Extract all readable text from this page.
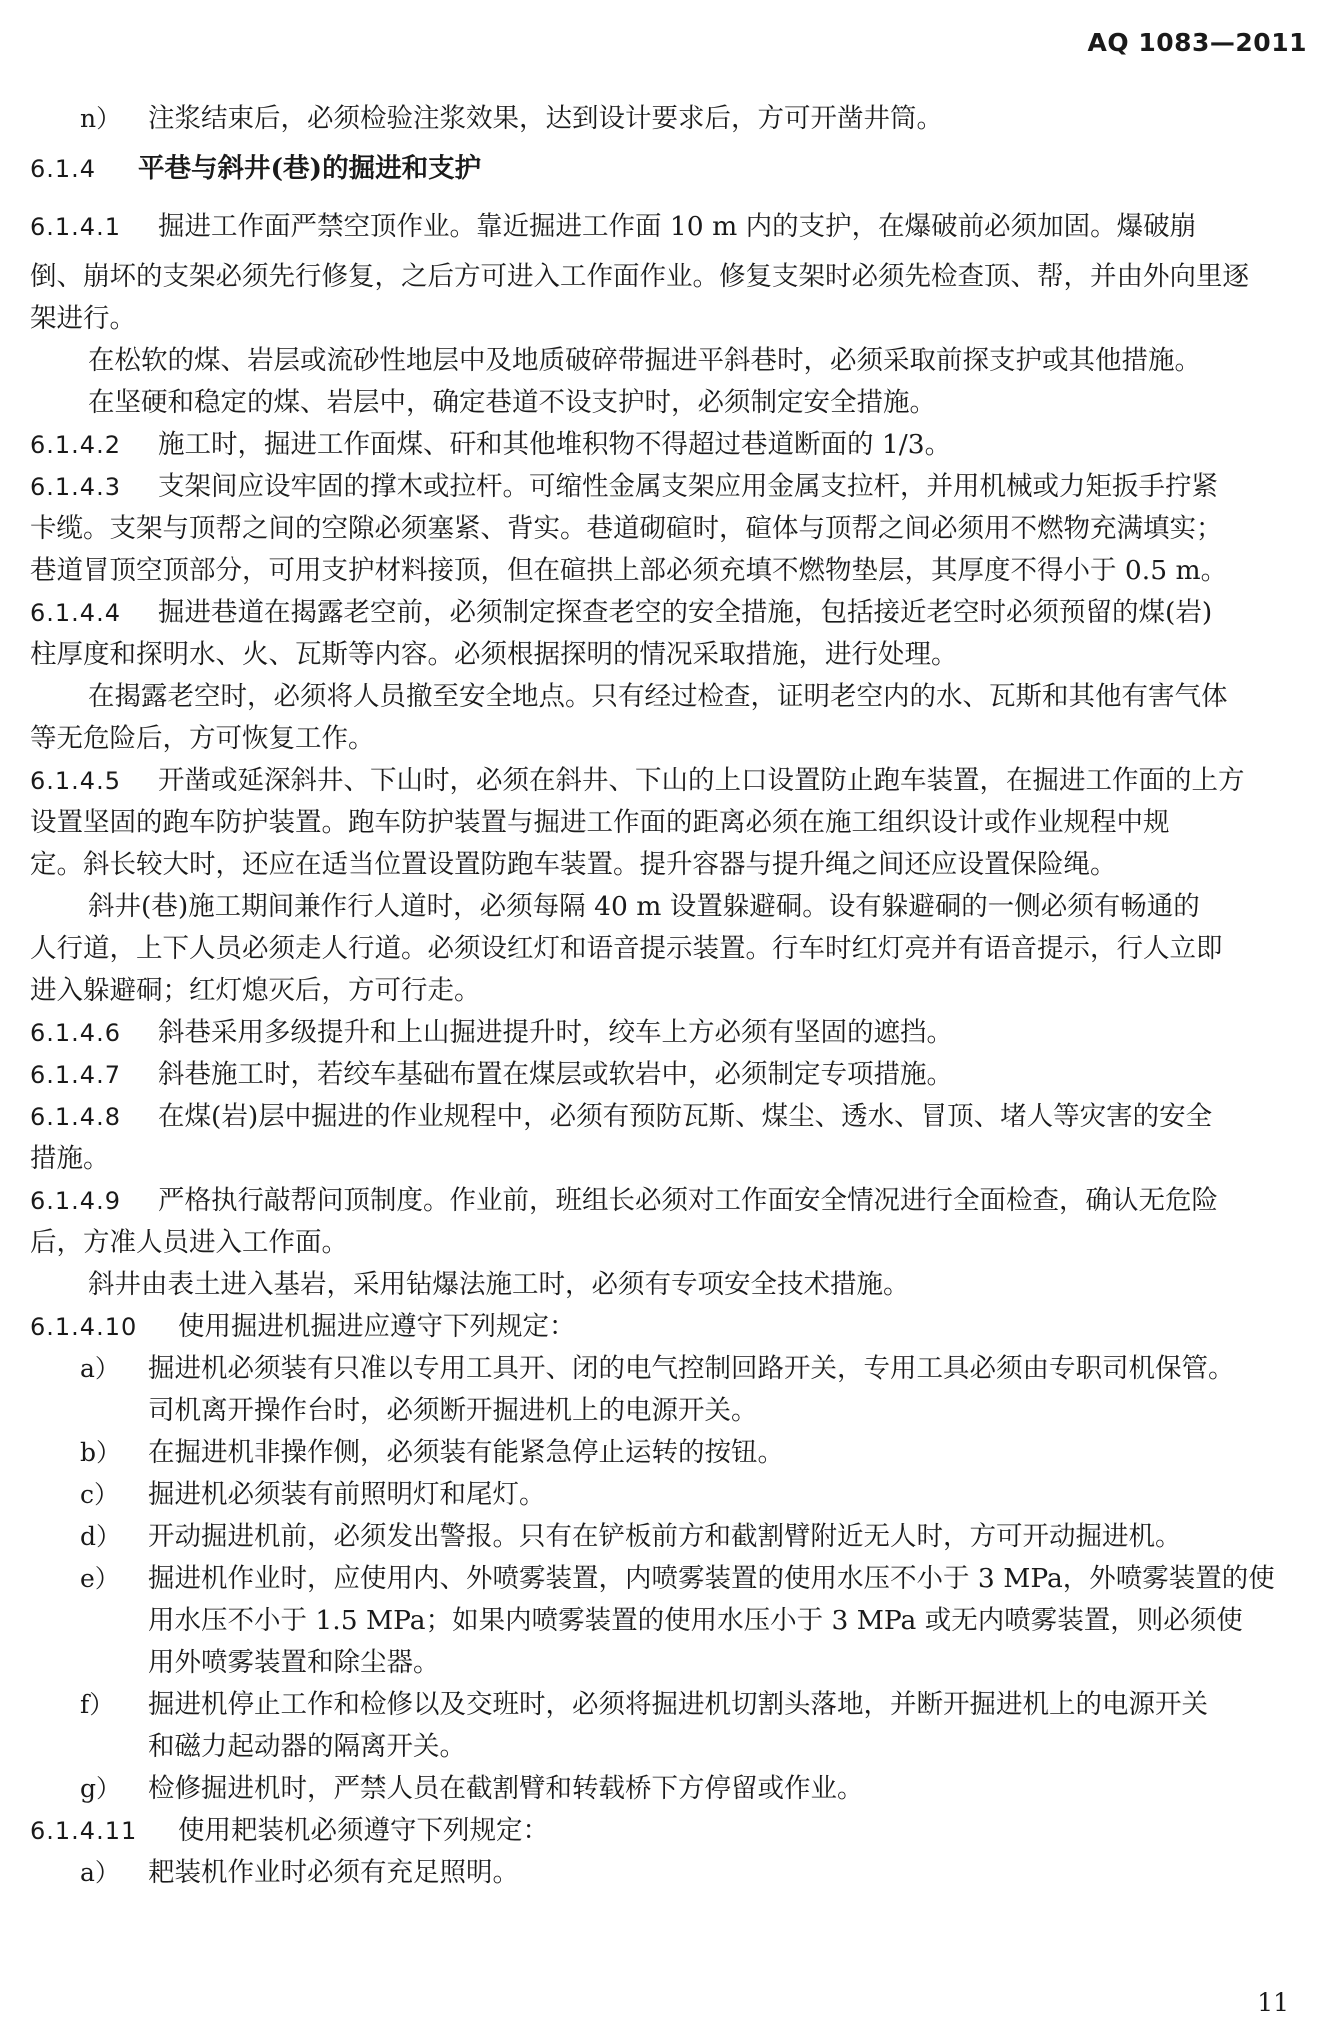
AQ 1083—2011
n） 注浆结束后，必须检验注浆效果，达到设计要求后，方可开凿井筒。
6.1.4 平巷与斜井(巷)的掘进和支护
6.1.4.1 掘进工作面严禁空顶作业。靠近掘进工作面 10 m 内的支护，在爆破前必须加固。爆破崩
倒、崩坏的支架必须先行修复，之后方可进入工作面作业。修复支架时必须先检查顶、帮，并由外向里逐
架进行。
在松软的煤、岩层或流砂性地层中及地质破碎带掘进平斜巷时，必须采取前探支护或其他措施。
在坚硬和稳定的煤、岩层中，确定巷道不设支护时，必须制定安全措施。
6.1.4.2 施工时，掘进工作面煤、矸和其他堆积物不得超过巷道断面的 1/3。
6.1.4.3 支架间应设牢固的撑木或拉杆。可缩性金属支架应用金属支拉杆，并用机械或力矩扳手拧紧
卡缆。支架与顶帮之间的空隙必须塞紧、背实。巷道砌碹时，碹体与顶帮之间必须用不燃物充满填实；
巷道冒顶空顶部分，可用支护材料接顶，但在碹拱上部必须充填不燃物垫层，其厚度不得小于 0.5 m。
6.1.4.4 掘进巷道在揭露老空前，必须制定探查老空的安全措施，包括接近老空时必须预留的煤(岩)
柱厚度和探明水、火、瓦斯等内容。必须根据探明的情况采取措施，进行处理。
在揭露老空时，必须将人员撤至安全地点。只有经过检查，证明老空内的水、瓦斯和其他有害气体
等无危险后，方可恢复工作。
6.1.4.5 开凿或延深斜井、下山时，必须在斜井、下山的上口设置防止跑车装置，在掘进工作面的上方
设置坚固的跑车防护装置。跑车防护装置与掘进工作面的距离必须在施工组织设计或作业规程中规
定。斜长较大时，还应在适当位置设置防跑车装置。提升容器与提升绳之间还应设置保险绳。
斜井(巷)施工期间兼作行人道时，必须每隔 40 m 设置躲避硐。设有躲避硐的一侧必须有畅通的
人行道，上下人员必须走人行道。必须设红灯和语音提示装置。行车时红灯亮并有语音提示，行人立即
进入躲避硐；红灯熄灭后，方可行走。
6.1.4.6 斜巷采用多级提升和上山掘进提升时，绞车上方必须有坚固的遮挡。
6.1.4.7 斜巷施工时，若绞车基础布置在煤层或软岩中，必须制定专项措施。
6.1.4.8 在煤(岩)层中掘进的作业规程中，必须有预防瓦斯、煤尘、透水、冒顶、堵人等灾害的安全
措施。
6.1.4.9 严格执行敲帮问顶制度。作业前，班组长必须对工作面安全情况进行全面检查，确认无危险
后，方准人员进入工作面。
斜井由表土进入基岩，采用钻爆法施工时，必须有专项安全技术措施。
6.1.4.10 使用掘进机掘进应遵守下列规定：
a） 掘进机必须装有只准以专用工具开、闭的电气控制回路开关，专用工具必须由专职司机保管。
司机离开操作台时，必须断开掘进机上的电源开关。
b） 在掘进机非操作侧，必须装有能紧急停止运转的按钮。
c） 掘进机必须装有前照明灯和尾灯。
d） 开动掘进机前，必须发出警报。只有在铲板前方和截割臂附近无人时，方可开动掘进机。
e） 掘进机作业时，应使用内、外喷雾装置，内喷雾装置的使用水压不小于 3 MPa，外喷雾装置的使
用水压不小于 1.5 MPa；如果内喷雾装置的使用水压小于 3 MPa 或无内喷雾装置，则必须使
用外喷雾装置和除尘器。
f） 掘进机停止工作和检修以及交班时，必须将掘进机切割头落地，并断开掘进机上的电源开关
和磁力起动器的隔离开关。
g） 检修掘进机时，严禁人员在截割臂和转载桥下方停留或作业。
6.1.4.11 使用耙装机必须遵守下列规定：
a） 耙装机作业时必须有充足照明。
11
